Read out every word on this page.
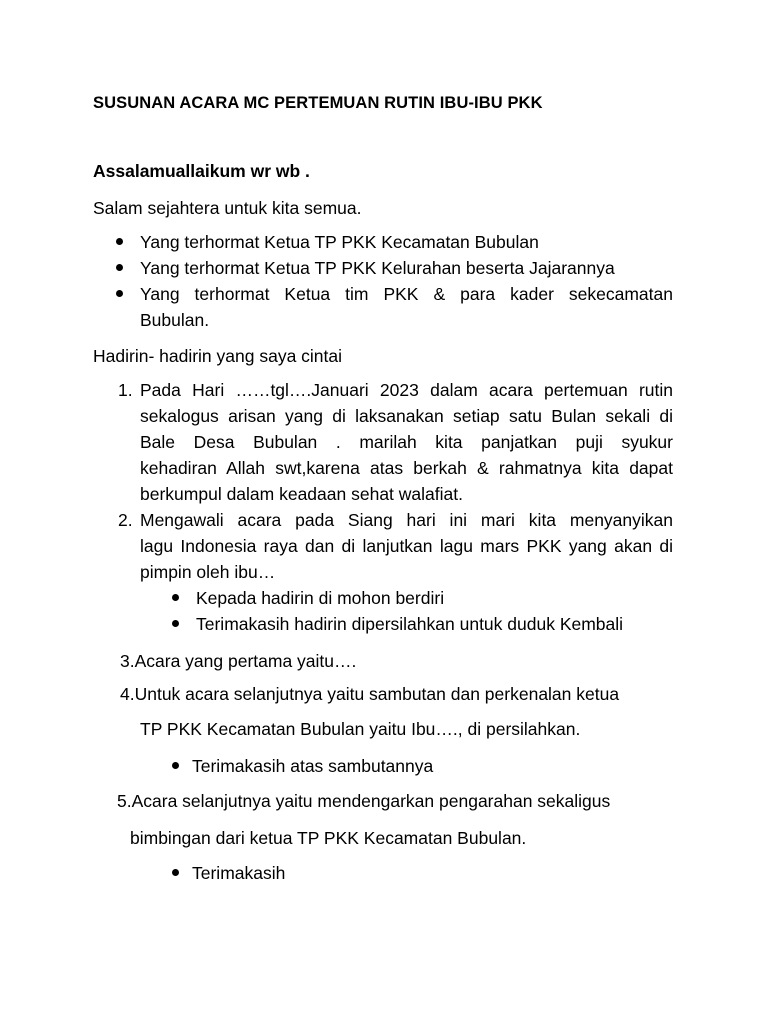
SUSUNAN ACARA MC PERTEMUAN RUTIN IBU-IBU PKK
Assalamuallaikum wr wb .
Salam sejahtera untuk kita semua.
Yang terhormat Ketua TP PKK Kecamatan Bubulan
Yang terhormat Ketua TP PKK Kelurahan beserta Jajarannya
Yang terhormat Ketua tim PKK & para kader sekecamatan
Bubulan.
Hadirin- hadirin yang saya cintai
1. Pada Hari ……tgl….Januari 2023 dalam acara pertemuan rutin
sekalogus arisan yang di laksanakan setiap satu Bulan sekali di
Bale Desa Bubulan . marilah kita panjatkan puji syukur
kehadiran Allah swt,karena atas berkah & rahmatnya kita dapat
berkumpul dalam keadaan sehat walafiat.
2. Mengawali acara pada Siang hari ini mari kita menyanyikan
lagu Indonesia raya dan di lanjutkan lagu mars PKK yang akan di
pimpin oleh ibu…
Kepada hadirin di mohon berdiri
Terimakasih hadirin dipersilahkan untuk duduk Kembali
3.Acara yang pertama yaitu….
4.Untuk acara selanjutnya yaitu sambutan dan perkenalan ketua
TP PKK Kecamatan Bubulan yaitu Ibu…., di persilahkan.
Terimakasih atas sambutannya
5.Acara selanjutnya yaitu mendengarkan pengarahan sekaligus
bimbingan dari ketua TP PKK Kecamatan Bubulan.
Terimakasih
